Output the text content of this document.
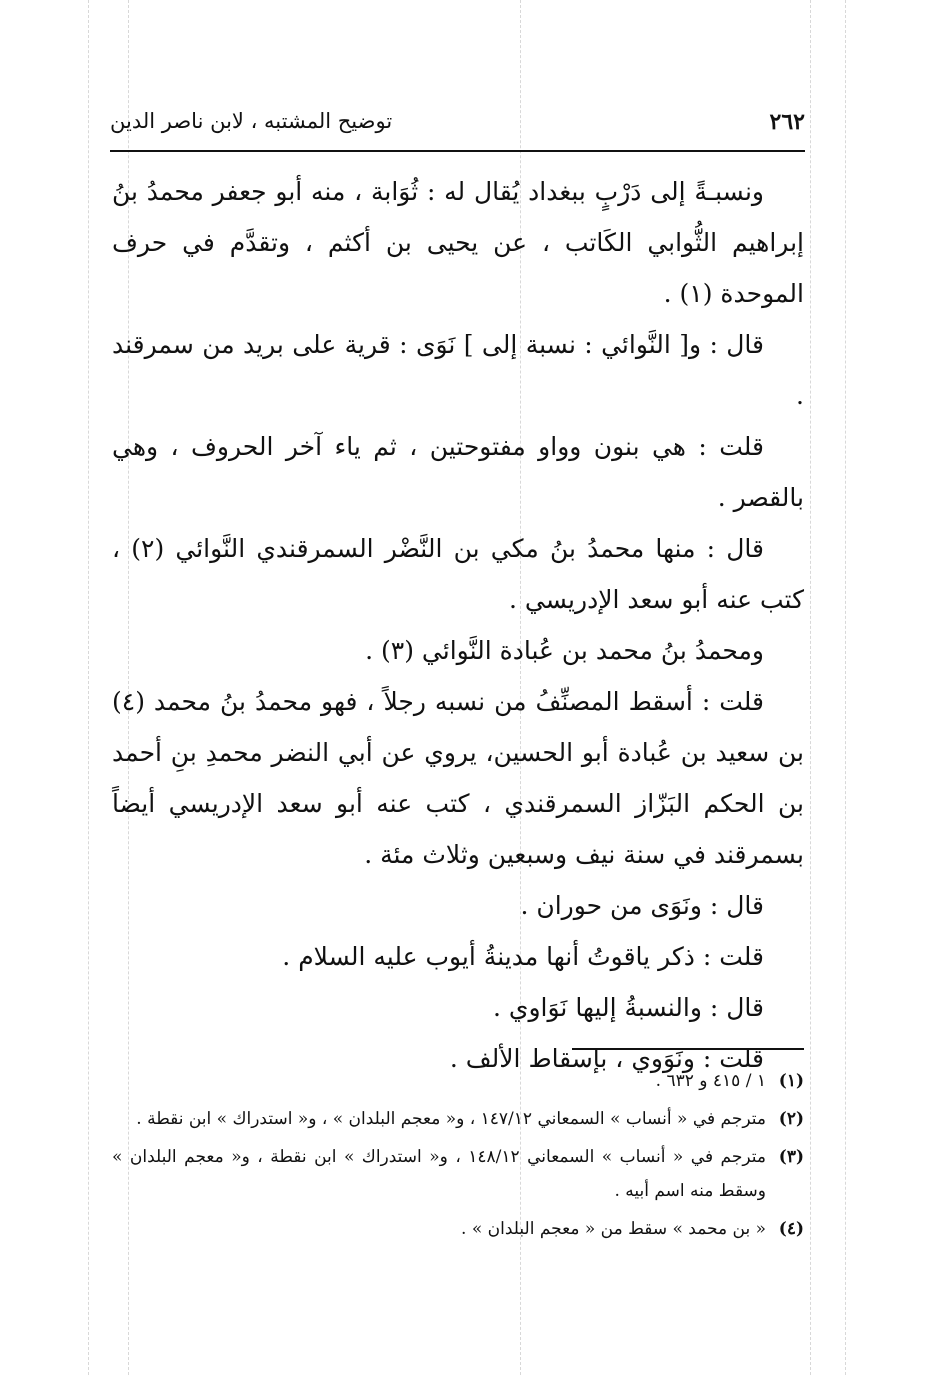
٢٦٢
توضيح المشتبه ، لابن ناصر الدين

ونسبـةً إلى دَرْبٍ ببغداد يُقال له : ثُوَابة ، منه أبو جعفر محمدُ بنُ إبراهيم الثُّوابي الكَاتب ، عن يحيى بن أكثم ، وتقدَّم في حرف الموحدة (١) .

قال : و[ النَّوائي : نسبة إلى ] نَوَى : قرية على بريد من سمرقند .

قلت : هي بنون وواو مفتوحتين ، ثم ياء آخر الحروف ، وهي بالقصر .

قال : منها محمدُ بنُ مكي بن النَّضْر السمرقندي النَّوائي (٢) ، كتب عنه أبو سعد الإدريسي .

ومحمدُ بنُ محمد بن عُبادة النَّوائي (٣) .

قلت : أسقط المصنِّفُ من نسبه رجلاً ، فهو محمدُ بنُ محمد (٤) بن سعيد بن عُبادة أبو الحسين، يروي عن أبي النضر محمدِ بنِ أحمد بن الحكم البَزّاز السمرقندي ، كتب عنه أبو سعد الإدريسي أيضاً بسمرقند في سنة نيف وسبعين وثلاث مئة .

قال : ونَوَى من حوران .

قلت : ذكر ياقوتُ أنها مدينةُ أيوب عليه السلام .

قال : والنسبةُ إليها نَوَاوي .

قلت : ونَوَوي ، بإسقاط الألف .

(١)١ / ٤١٥ و ٦٣٢ .
(٢)مترجم في « أنساب » السمعاني ١٤٧/١٢ ، و« معجم البلدان » ، و« استدراك » ابن نقطة .
(٣)مترجم في « أنساب » السمعاني ١٤٨/١٢ ، و« استدراك » ابن نقطة ، و« معجم البلدان » وسقط منه اسم أبيه .
(٤)« بن محمد » سقط من « معجم البلدان » .
